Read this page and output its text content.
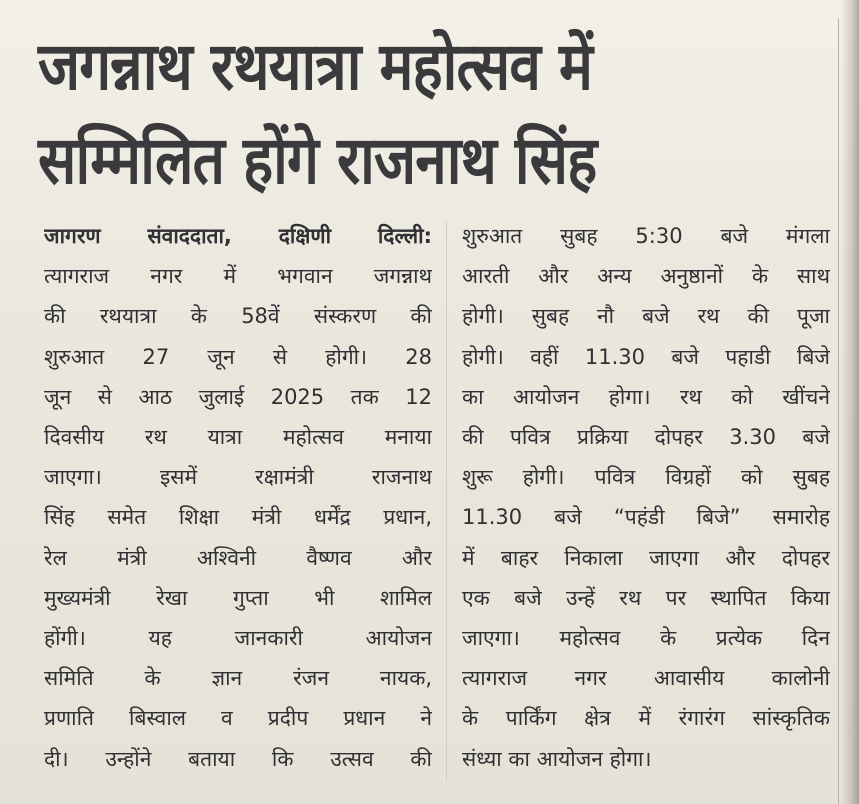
जगन्नाथ रथयात्रा महोत्सव में
सम्मिलित होंगे राजनाथ सिंह
जागरण संवाददाता, दक्षिणी दिल्ली:
त्यागराज नगर में भगवान जगन्नाथ
की रथयात्रा के 58वें संस्करण की
शुरुआत 27 जून से होगी। 28
जून से आठ जुलाई 2025 तक 12
दिवसीय रथ यात्रा महोत्सव मनाया
जाएगा। इसमें रक्षामंत्री राजनाथ
सिंह समेत शिक्षा मंत्री धर्मेंद्र प्रधान,
रेल मंत्री अश्विनी वैष्णव और
मुख्यमंत्री रेखा गुप्ता भी शामिल
होंगी। यह जानकारी आयोजन
समिति के ज्ञान रंजन नायक,
प्रणाति बिस्वाल व प्रदीप प्रधान ने
दी। उन्होंने बताया कि उत्सव की
शुरुआत सुबह 5:30 बजे मंगला
आरती और अन्य अनुष्ठानों के साथ
होगी। सुबह नौ बजे रथ की पूजा
होगी। वहीं 11.30 बजे पहाडी बिजे
का आयोजन होगा। रथ को खींचने
की पवित्र प्रक्रिया दोपहर 3.30 बजे
शुरू होगी। पवित्र विग्रहों को सुबह
11.30 बजे “पहंडी बिजे” समारोह
में बाहर निकाला जाएगा और दोपहर
एक बजे उन्हें रथ पर स्थापित किया
जाएगा। महोत्सव के प्रत्येक दिन
त्यागराज नगर आवासीय कालोनी
के पार्किंग क्षेत्र में रंगारंग सांस्कृतिक
संध्या का आयोजन होगा।
